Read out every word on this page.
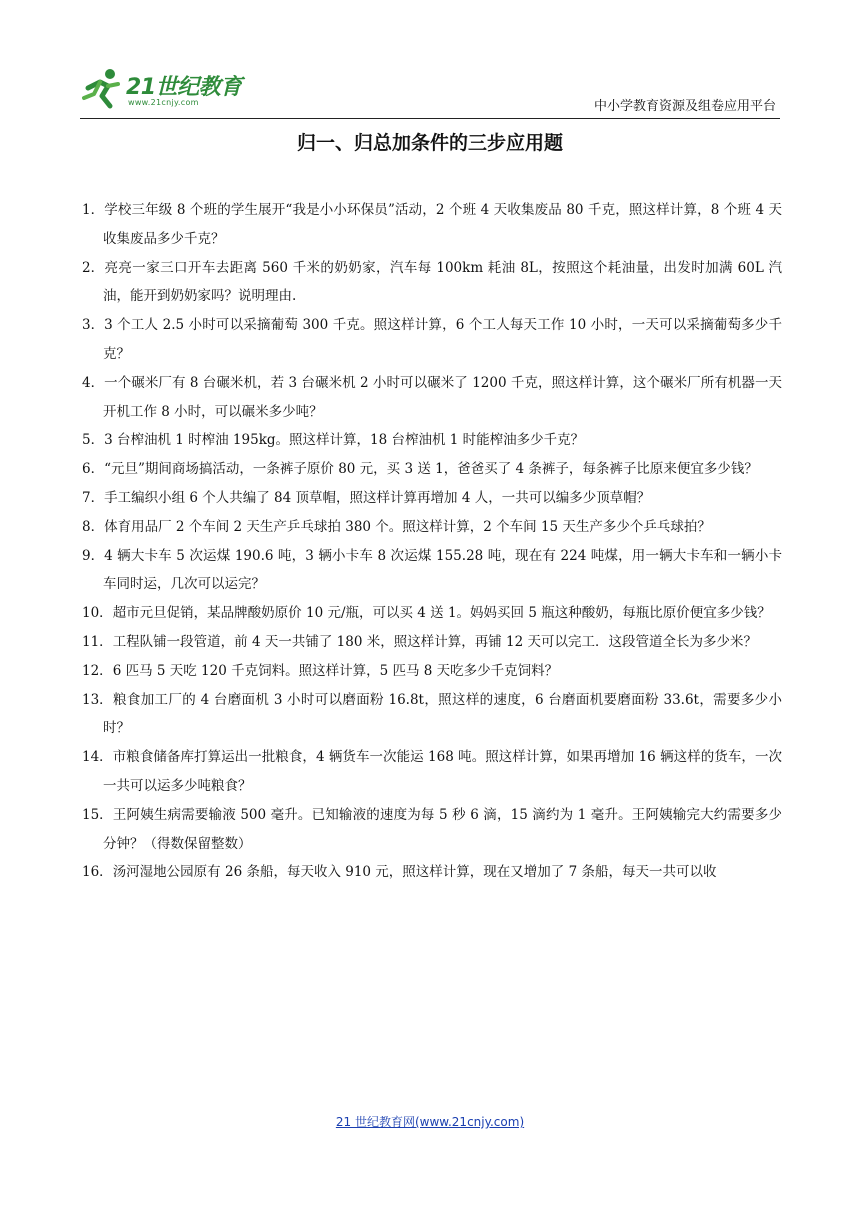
21世纪教育
www.21cnjy.com	中小学教育资源及组卷应用平台
归一、归总加条件的三步应用题
1．学校三年级 8 个班的学生展开“我是小小环保员”活动，2 个班 4 天收集废品 80 千克，照这样计算，8 个班 4 天收集废品多少千克？
2．亮亮一家三口开车去距离 560 千米的奶奶家，汽车每 100km 耗油 8L，按照这个耗油量，出发时加满 60L 汽油，能开到奶奶家吗？说明理由.
3．3 个工人 2.5 小时可以采摘葡萄 300 千克。照这样计算，6 个工人每天工作 10 小时，一天可以采摘葡萄多少千克？
4．一个碾米厂有 8 台碾米机，若 3 台碾米机 2 小时可以碾米了 1200 千克，照这样计算，这个碾米厂所有机器一天开机工作 8 小时，可以碾米多少吨？
5．3 台榨油机 1 时榨油 195kg。照这样计算，18 台榨油机 1 时能榨油多少千克？
6．“元旦”期间商场搞活动，一条裤子原价 80 元，买 3 送 1，爸爸买了 4 条裤子，每条裤子比原来便宜多少钱？
7．手工编织小组 6 个人共编了 84 顶草帽，照这样计算再增加 4 人，一共可以编多少顶草帽？
8．体育用品厂 2 个车间 2 天生产乒乓球拍 380 个。照这样计算，2 个车间 15 天生产多少个乒乓球拍？
9．4 辆大卡车 5 次运煤 190.6 吨，3 辆小卡车 8 次运煤 155.28 吨，现在有 224 吨煤，用一辆大卡车和一辆小卡车同时运，几次可以运完？
10．超市元旦促销，某品牌酸奶原价 10 元/瓶，可以买 4 送 1。妈妈买回 5 瓶这种酸奶，每瓶比原价便宜多少钱？
11．工程队铺一段管道，前 4 天一共铺了 180 米，照这样计算，再铺 12 天可以完工．这段管道全长为多少米？
12．6 匹马 5 天吃 120 千克饲料。照这样计算，5 匹马 8 天吃多少千克饲料？
13．粮食加工厂的 4 台磨面机 3 小时可以磨面粉 16.8t，照这样的速度，6 台磨面机要磨面粉 33.6t，需要多少小时？
14．市粮食储备库打算运出一批粮食，4 辆货车一次能运 168 吨。照这样计算，如果再增加 16 辆这样的货车，一次一共可以运多少吨粮食？
15．王阿姨生病需要输液 500 毫升。已知输液的速度为每 5 秒 6 滴，15 滴约为 1 毫升。王阿姨输完大约需要多少分钟？（得数保留整数）
16．汤河湿地公园原有 26 条船，每天收入 910 元，照这样计算，现在又增加了 7 条船，每天一共可以收
21 世纪教育网(www.21cnjy.com)
